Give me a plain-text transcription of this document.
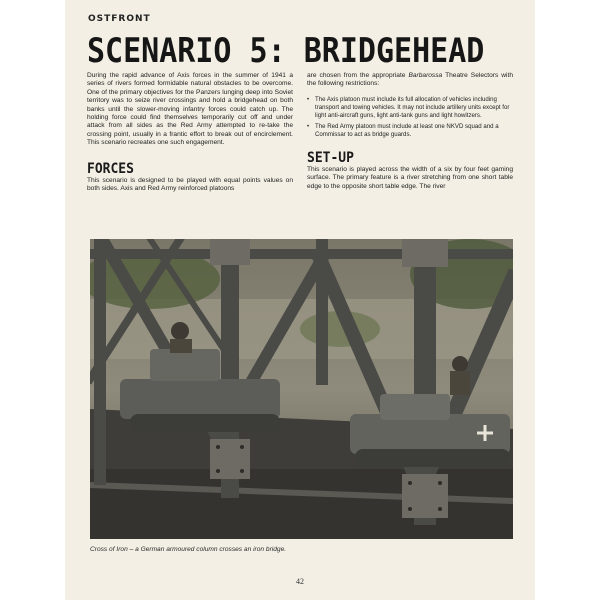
OSTFRONT
SCENARIO 5: BRIDGEHEAD

During the rapid advance of Axis forces in the summer of 1941 a series of rivers formed formidable natural obstacles to be overcome. One of the primary objectives for the Panzers lunging deep into Soviet territory was to seize river crossings and hold a bridgehead on both banks until the slower-moving infantry forces could catch up. The holding force could find themselves temporarily cut off and under attack from all sides as the Red Army attempted to re-take the crossing point, usually in a frantic effort to break out of encirclement. This scenario recreates one such engagement.

FORCES

This scenario is designed to be played with equal points values on both sides. Axis and Red Army reinforced platoons

are chosen from the appropriate Barbarossa Theatre Selectors with the following restrictions:

• The Axis platoon must include its full allocation of vehicles including transport and towing vehicles. It may not include artillery units except for light anti-aircraft guns, light anti-tank guns and light howitzers.
• The Red Army platoon must include at least one NKVD squad and a Commissar to act as bridge guards.
SET-UP

This scenario is played across the width of a six by four feet gaming surface. The primary feature is a river stretching from one short table edge to the opposite short table edge. The river

Cross of Iron – a German armoured column crosses an iron bridge.
42
